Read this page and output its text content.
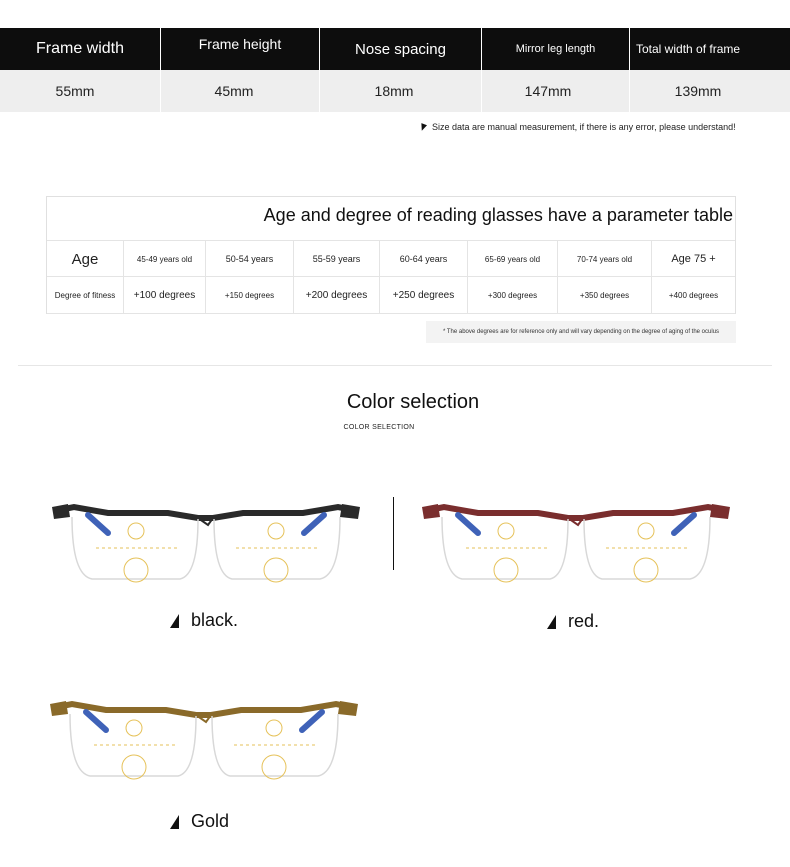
Frame width	Frame height	Nose spacing	Mirror leg length	Total width of frame
55mm	45mm	18mm	147mm	139mm
Size data are manual measurement, if there is any error, please understand!
Age and degree of reading glasses have a parameter table
Age	45-49 years old	50-54 years	55-59 years	60-64 years	65-69 years old	70-74 years old	Age 75 +
Degree of fitness	+100 degrees	+150 degrees	+200 degrees	+250 degrees	+300 degrees	+350 degrees	+400 degrees
* The above degrees are for reference only and will vary depending on the degree of aging of the oculus
Color selection
COLOR SELECTION
black.	red.
Gold
